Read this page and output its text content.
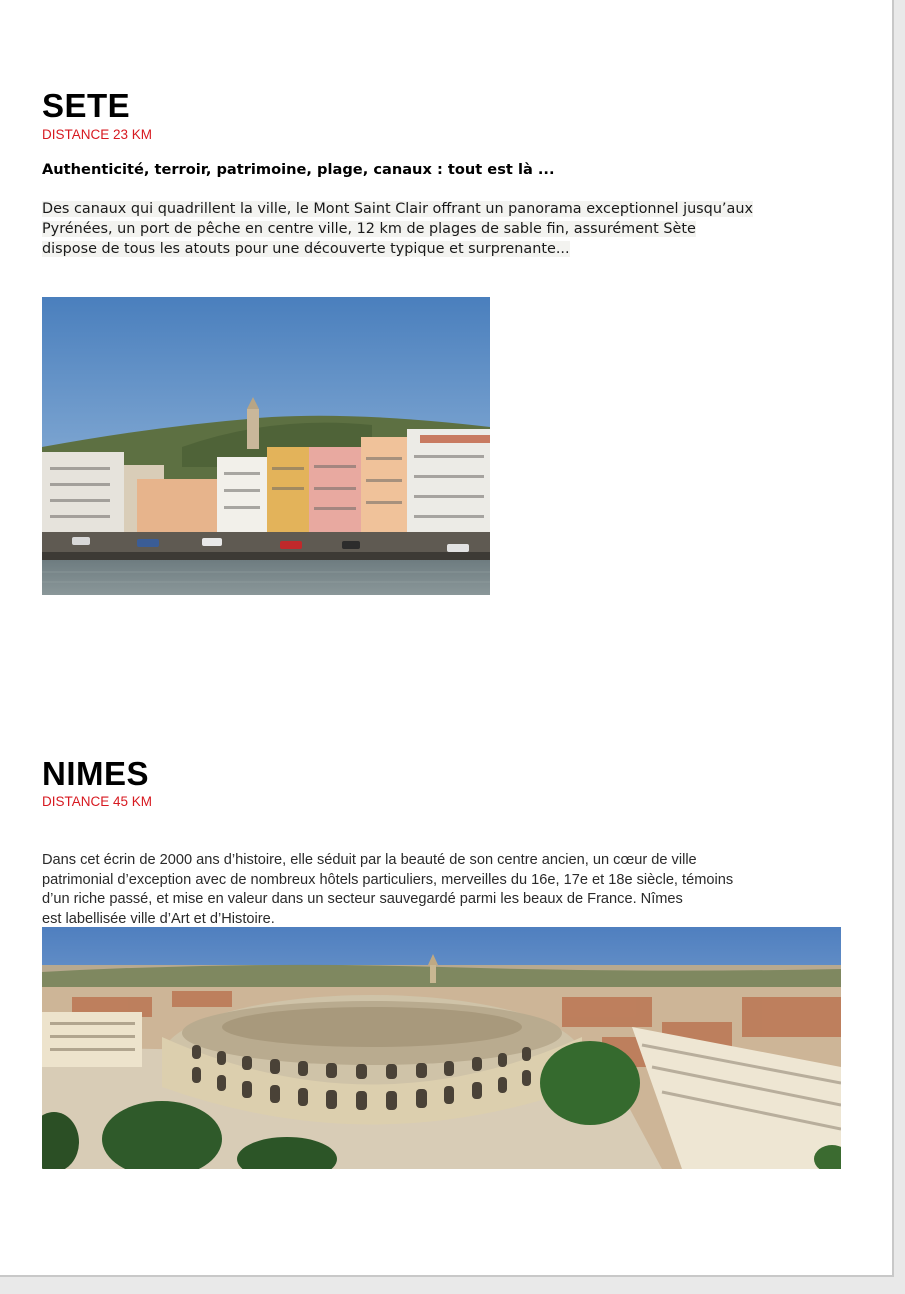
SETE
DISTANCE 23 KM
Authenticité, terroir, patrimoine, plage, canaux : tout est là ...
Des canaux qui quadrillent la ville, le Mont Saint Clair offrant un panorama exceptionnel jusqu’aux
Pyrénées, un port de pêche en centre ville, 12 km de plages de sable fin, assurément Sète
dispose de tous les atouts pour une découverte typique et surprenante...
NIMES
DISTANCE 45 KM
Dans cet écrin de 2000 ans d’histoire, elle séduit par la beauté de son centre ancien, un cœur de ville
patrimonial d’exception avec de nombreux hôtels particuliers, merveilles du 16e, 17e et 18e siècle, témoins
d’un riche passé, et mise en valeur dans un secteur sauvegardé parmi les beaux de France. Nîmes
est labellisée ville d’Art et d’Histoire.
